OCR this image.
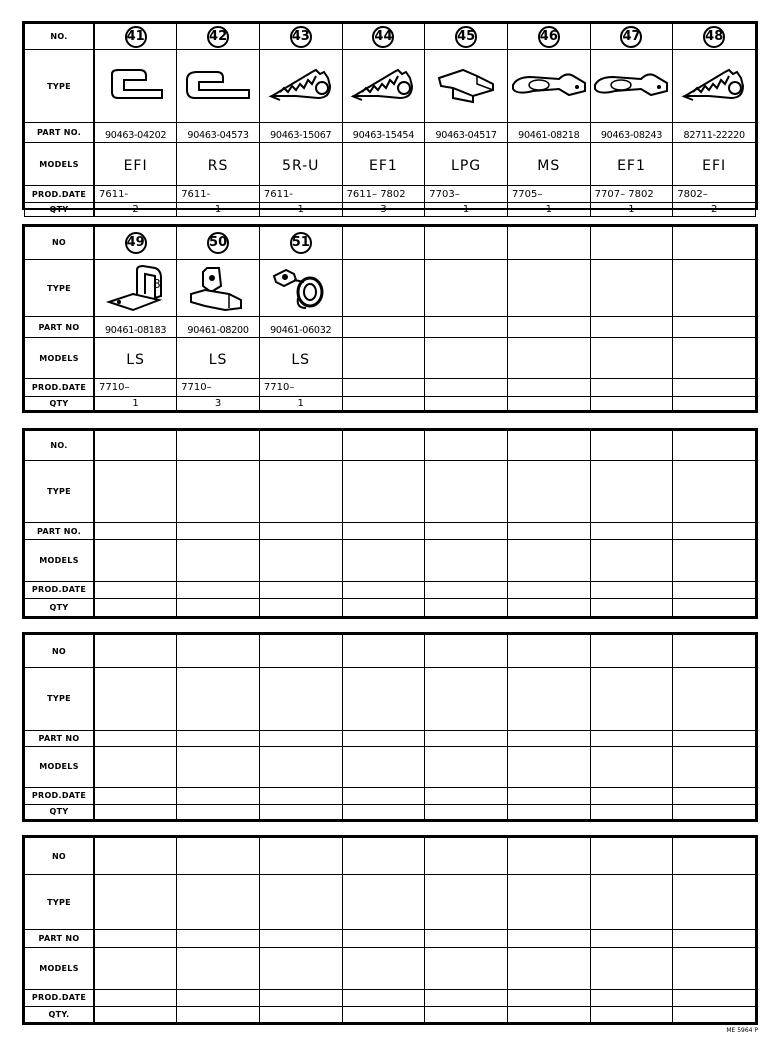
NO.	41	42	43	44	45	46	47	48
TYPE	

PART NO.	90463-04202	90463-04573	90463-15067	90463-15454	90463-04517	90461-08218	90463-08243	82711-22220
MODELS	EFI	RS	5R-U	EF1	LPG	MS	EF1	EFI
PROD.DATE	7611-	7611-	7611-	7611– 7802	7703–	7705–	7707– 7802	7802–
QTY	2	1	1	3	1	1	1	2
NO	49	50	51					
TYPE	8

PART NO	90461-08183	90461-08200	90461-06032					
MODELS	LS	LS	LS					
PROD.DATE	7710–	7710–	7710–					
QTY	1	3	1					
NO.								
TYPE								
PART NO.								
MODELS								
PROD.DATE								
QTY								
NO								
TYPE								
PART NO								
MODELS								
PROD.DATE								
QTY								
NO								
TYPE								
PART NO								
MODELS								
PROD.DATE								
QTY.								
ME 5964 P
